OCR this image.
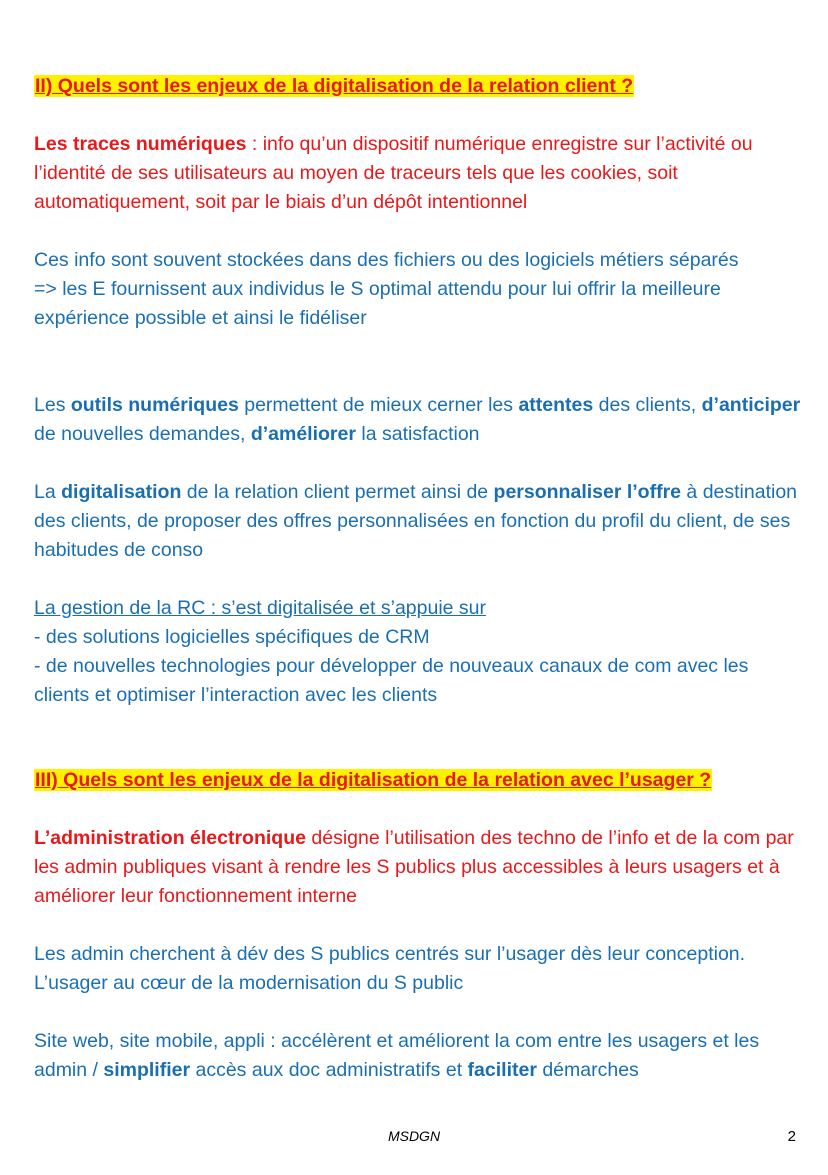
II) Quels sont les enjeux de la digitalisation de la relation client ?
Les traces numériques : info qu’un dispositif numérique enregistre sur l’activité ou l’identité de ses utilisateurs au moyen de traceurs tels que les cookies, soit automatiquement, soit par le biais d’un dépôt intentionnel
Ces info sont souvent stockées dans des fichiers ou des logiciels métiers séparés
=> les E fournissent aux individus le S optimal attendu pour lui offrir la meilleure expérience possible et ainsi le fidéliser
Les outils numériques permettent de mieux cerner les attentes des clients, d’anticiper de nouvelles demandes, d’améliorer la satisfaction
La digitalisation de la relation client permet ainsi de personnaliser l’offre à destination des clients, de proposer des offres personnalisées en fonction du profil du client, de ses habitudes de conso
La gestion de la RC : s’est digitalisée et s’appuie sur
- des solutions logicielles spécifiques de CRM
- de nouvelles technologies pour développer de nouveaux canaux de com avec les clients et optimiser l’interaction avec les clients
III) Quels sont les enjeux de la digitalisation de la relation avec l’usager ?
L’administration électronique désigne l’utilisation des techno de l’info et de la com par les admin publiques visant à rendre les S publics plus accessibles à leurs usagers et à améliorer leur fonctionnement interne
Les admin cherchent à dév des S publics centrés sur l’usager dès leur conception. L’usager au cœur de la modernisation du S public
Site web, site mobile, appli : accélèrent et améliorent la com entre les usagers et les admin / simplifier accès aux doc administratifs et faciliter démarches
MSDGN	2
